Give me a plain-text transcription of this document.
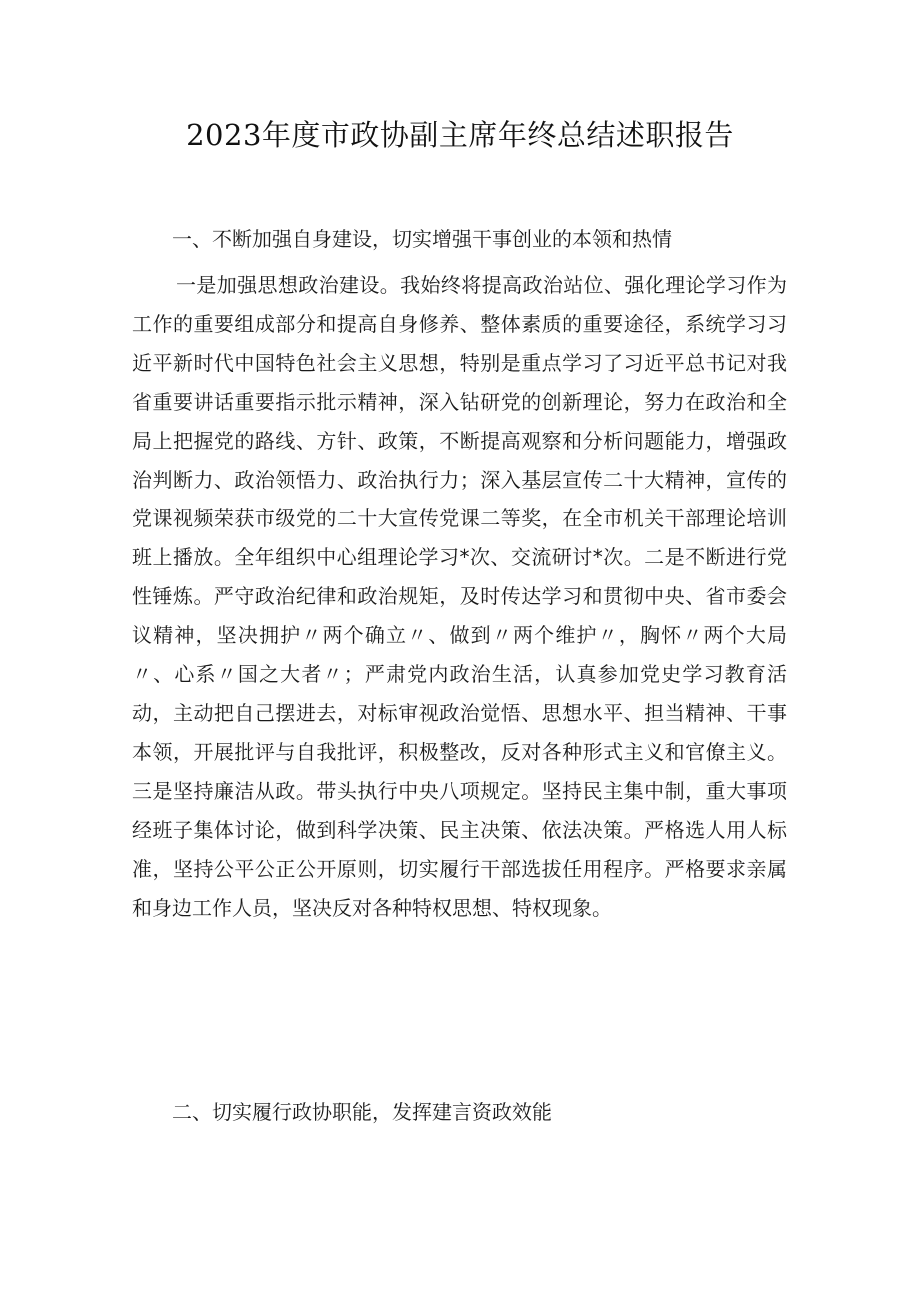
2023年度市政协副主席年终总结述职报告
一、不断加强自身建设，切实增强干事创业的本领和热情

一是加强思想政治建设。我始终将提高政治站位、强化理论学习作为工作的重要组成部分和提高自身修养、整体素质的重要途径，系统学习习近平新时代中国特色社会主义思想，特别是重点学习了习近平总书记对我省重要讲话重要指示批示精神，深入钻研党的创新理论，努力在政治和全局上把握党的路线、方针、政策，不断提高观察和分析问题能力，增强政治判断力、政治领悟力、政治执行力；深入基层宣传二十大精神，宣传的党课视频荣获市级党的二十大宣传党课二等奖，在全市机关干部理论培训班上播放。全年组织中心组理论学习*次、交流研讨*次。二是不断进行党性锤炼。严守政治纪律和政治规矩，及时传达学习和贯彻中央、省市委会议精神，坚决拥护〃两个确立〃、做到〃两个维护〃，胸怀〃两个大局〃、心系〃国之大者〃；严肃党内政治生活，认真参加党史学习教育活动，主动把自己摆进去，对标审视政治觉悟、思想水平、担当精神、干事本领，开展批评与自我批评，积极整改，反对各种形式主义和官僚主义。三是坚持廉洁从政。带头执行中央八项规定。坚持民主集中制，重大事项经班子集体讨论，做到科学决策、民主决策、依法决策。严格选人用人标准，坚持公平公正公开原则，切实履行干部选拔任用程序。严格要求亲属和身边工作人员，坚决反对各种特权思想、特权现象。

二、切实履行政协职能，发挥建言资政效能
